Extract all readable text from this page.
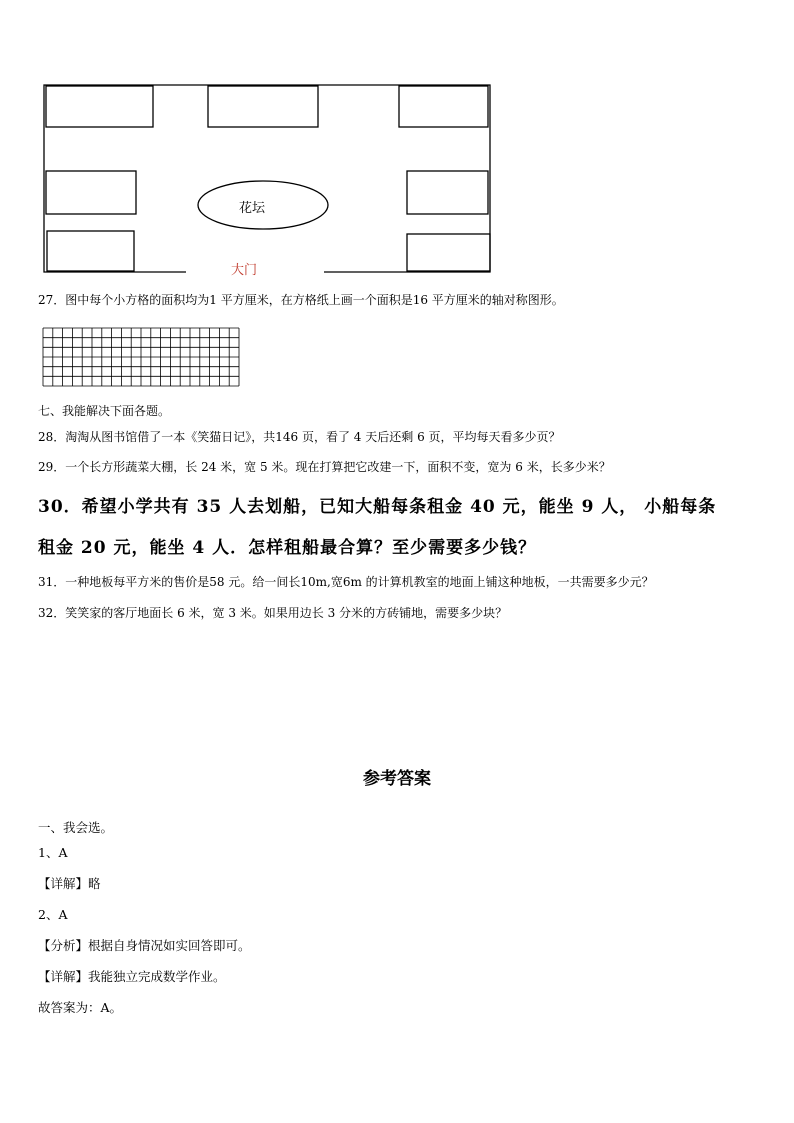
花坛
大门
27．图中每个小方格的面积均为1 平方厘米，在方格纸上画一个面积是16 平方厘米的轴对称图形。
七、我能解决下面各题。
28．淘淘从图书馆借了一本《笑猫日记》，共146 页，看了 4 天后还剩 6 页，平均每天看多少页？
29．一个长方形蔬菜大棚，长 24 米，宽 5 米。现在打算把它改建一下，面积不变，宽为 6 米，长多少米？
30．希望小学共有 35 人去划船，已知大船每条租金 40 元，能坐 9 人， 小船每条
租金 20 元，能坐 4 人．怎样租船最合算？至少需要多少钱？
31．一种地板每平方米的售价是58 元。给一间长10m,宽6m 的计算机教室的地面上铺这种地板，一共需要多少元？
32．笑笑家的客厅地面长 6 米，宽 3 米。如果用边长 3 分米的方砖铺地，需要多少块？
参考答案
一、我会选。
1、A
【详解】略
2、A
【分析】根据自身情况如实回答即可。
【详解】我能独立完成数学作业。
故答案为：A。
